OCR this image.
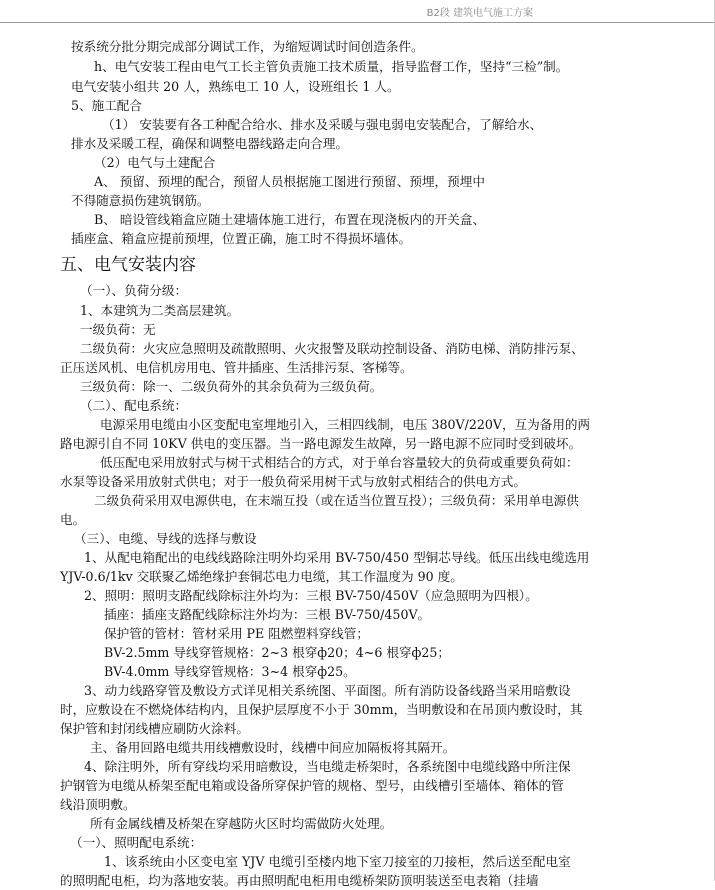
B2段 建筑电气施工方案
按系统分批分期完成部分调试工作，为缩短调试时间创造条件。
h、电气安装工程由电气工长主管负责施工技术质量，指导监督工作，坚持“三检”制。
电气安装小组共 20 人，熟练电工 10 人，设班组长 1 人。
5、施工配合
（1） 安装要有各工种配合给水、排水及采暖与强电弱电安装配合，了解给水、
排水及采暖工程，确保和调整电器线路走向合理。
（2）电气与土建配合
A、 预留、预埋的配合，预留人员根据施工图进行预留、预埋，预埋中
不得随意损伤建筑钢筋。
B、 暗设管线箱盒应随土建墙体施工进行，布置在现浇板内的开关盒、
插座盒、箱盒应提前预埋，位置正确，施工时不得损坏墙体。
五、电气安装内容
（一）、负荷分级：
1、本建筑为二类高层建筑。
一级负荷：无
二级负荷：火灾应急照明及疏散照明、火灾报警及联动控制设备、消防电梯、消防排污泵、
正压送风机、电信机房用电、管井插座、生活排污泵、客梯等。
三级负荷：除一、二级负荷外的其余负荷为三级负荷。
（二）、配电系统：
电源采用电缆由小区变配电室埋地引入，三相四线制，电压 380V/220V，互为备用的两
路电源引自不同 10KV 供电的变压器。当一路电源发生故障，另一路电源不应同时受到破坏。
低压配电采用放射式与树干式相结合的方式，对于单台容量较大的负荷或重要负荷如：
水泵等设备采用放射式供电；对于一般负荷采用树干式与放射式相结合的供电方式。
二级负荷采用双电源供电，在末端互投（或在适当位置互投）；三级负荷：采用单电源供
电。
（三）、电缆、导线的选择与敷设
1、从配电箱配出的电线线路除注明外均采用 BV-750/450 型铜芯导线。低压出线电缆选用
YJV-0.6/1kv 交联聚乙烯绝缘护套铜芯电力电缆，其工作温度为 90 度。
2、照明：照明支路配线除标注外均为：三根 BV-750/450V（应急照明为四根）。
插座：插座支路配线除标注外均为：三根 BV-750/450V。
保护管的管材：管材采用 PE 阻燃塑料穿线管；
BV-2.5mm 导线穿管规格：2~3 根穿ф20；4~6 根穿ф25；
BV-4.0mm 导线穿管规格：3~4 根穿ф25。
3、动力线路穿管及敷设方式详见相关系统图、平面图。所有消防设备线路当采用暗敷设
时，应敷设在不燃烧体结构内，且保护层厚度不小于 30mm，当明敷设和在吊顶内敷设时，其
保护管和封闭线槽应刷防火涂料。
主、备用回路电缆共用线槽敷设时，线槽中间应加隔板将其隔开。
4、除注明外，所有穿线均采用暗敷设，当电缆走桥架时，各系统图中电缆线路中所注保
护钢管为电缆从桥架至配电箱或设备所穿保护管的规格、型号，由线槽引至墙体、箱体的管
线沿顶明敷。
所有金属线槽及桥架在穿越防火区时均需做防火处理。
（一）、照明配电系统：
1、该系统由小区变电室 YJV 电缆引至楼内地下室刀接室的刀接柜，然后送至配电室
的照明配电柜，均为落地安装。再由照明配电柜用电缆桥架防顶明装送至电表箱（挂墙
